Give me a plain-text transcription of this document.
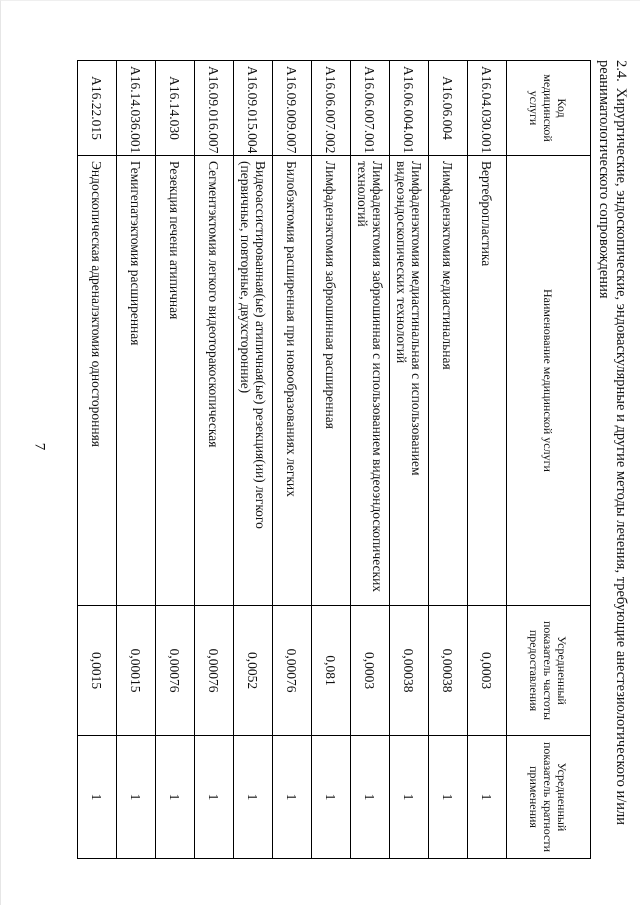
7
2.4.Хирургические, эндоскопические, эндоваскулярные и другие методы лечения, требующие анестезиологического и/или реаниматологического сопровождения
Код медицинской услуги	Наименование медицинской услуги	Усредненный показатель частоты предоставления	Усредненный показатель кратности применения
A16.04.030.001	Вертебропластика	0,0003	1
A16.06.004	Лимфаденэктомия медиастинальная	0,00038	1
A16.06.004.001	Лимфаденэктомия медиастинальная с использованием видеоэндоскопических технологий	0,00038	1
A16.06.007.001	Лимфаденэктомия забрюшинная с использованием видеоэндоскопических технологий	0,0003	1
A16.06.007.002	Лимфаденэктомия забрюшинная расширенная	0,081	1
A16.09.009.007	Билобэктомия расширенная при новообразованиях легких	0,00076	1
A16.09.015.004	Видеоассистированная(ые) атипичная(ые) резекция(ии) легкого (первичные, повторные, двухсторонние)	0,0052	1
A16.09.016.007	Сегментэктомия легкого видеоторакоскопическая	0,00076	1
A16.14.030	Резекция печени атипичная	0,00076	1
A16.14.036.001	Гемигепатэктомия расширенная	0,00015	1
A16.22.015	Эндоскопическая адреналэктомия односторонняя	0,0015	1
